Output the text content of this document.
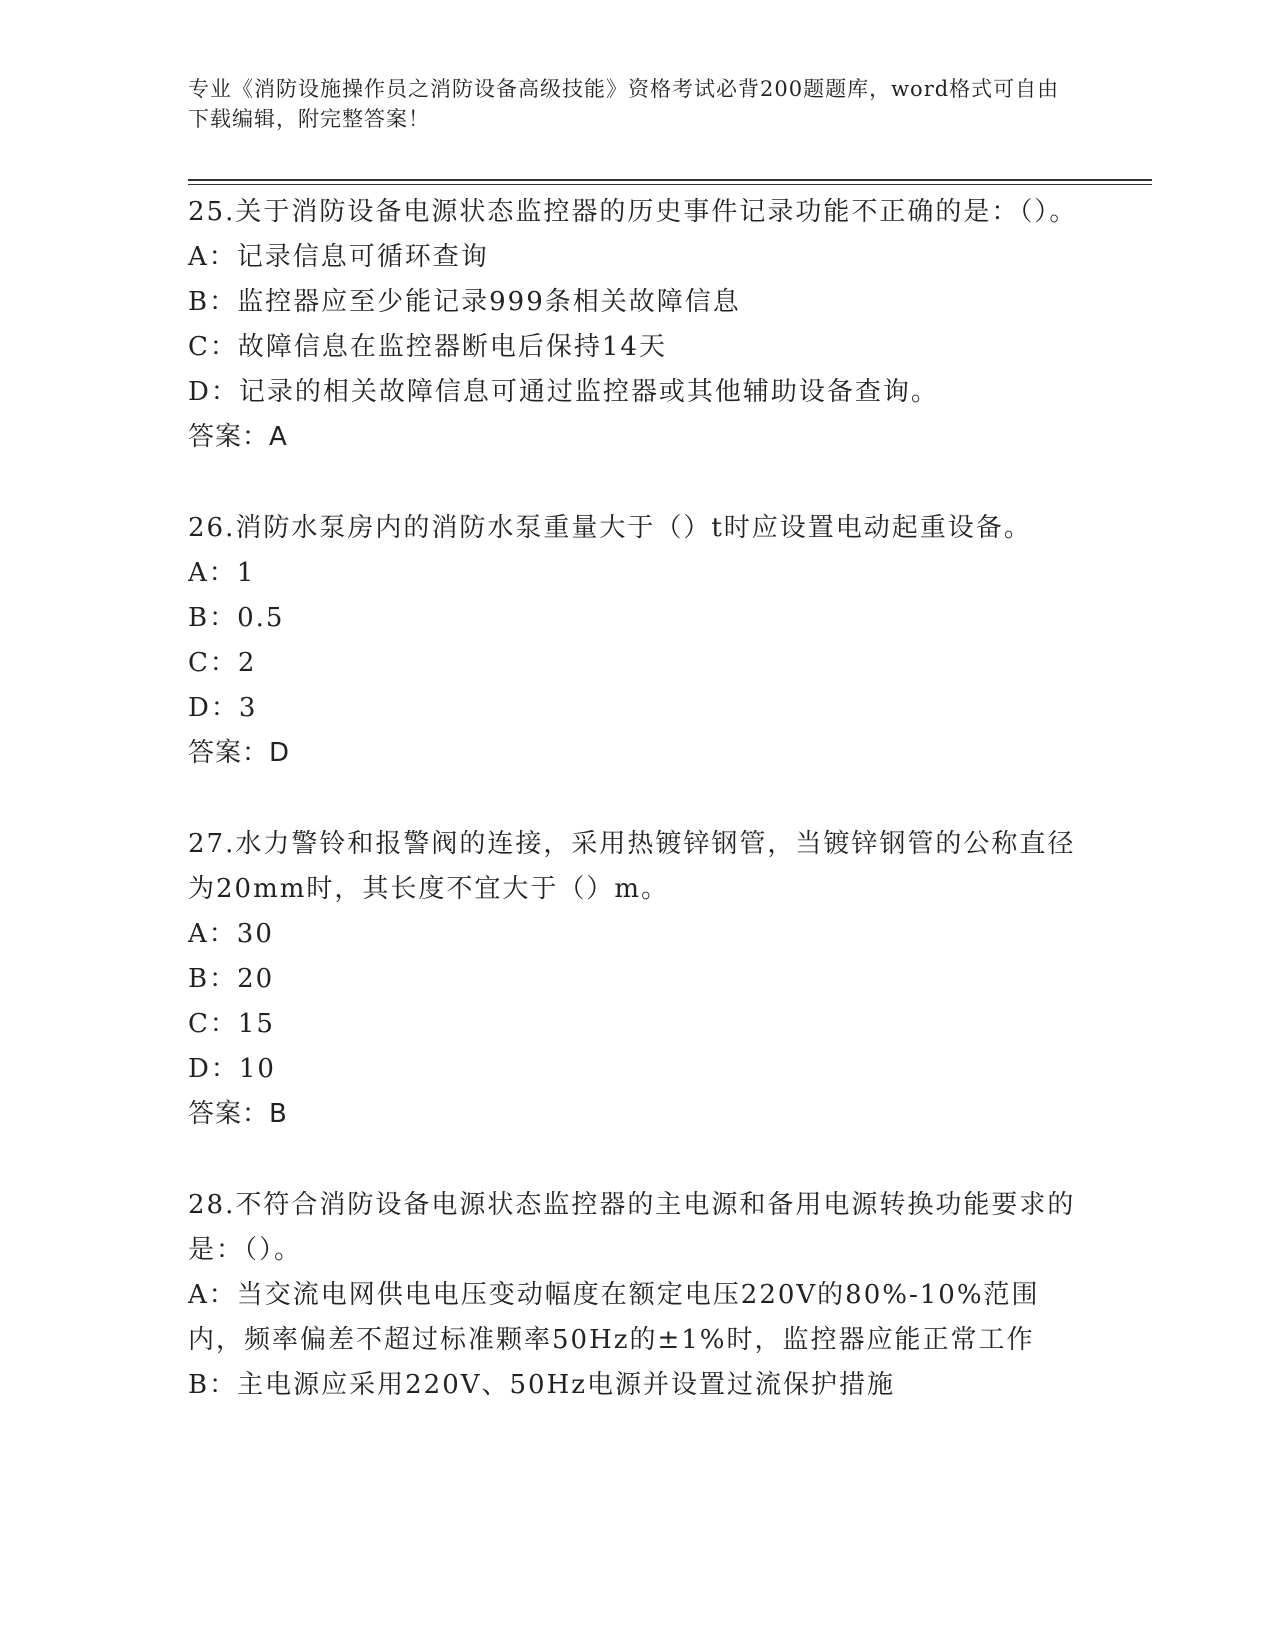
专业《消防设施操作员之消防设备高级技能》资格考试必背200题题库，word格式可自由下载编辑，附完整答案！

25.关于消防设备电源状态监控器的历史事件记录功能不正确的是：（）。

A：记录信息可循环查询

B：监控器应至少能记录999条相关故障信息

C：故障信息在监控器断电后保持14天

D：记录的相关故障信息可通过监控器或其他辅助设备查询。

答案：A

26.消防水泵房内的消防水泵重量大于（）t时应设置电动起重设备。

A：1

B：0.5

C：2

D：3

答案：D

27.水力警铃和报警阀的连接，采用热镀锌钢管，当镀锌钢管的公称直径为20mm时，其长度不宜大于（）m。

A：30

B：20

C：15

D：10

答案：B

28.不符合消防设备电源状态监控器的主电源和备用电源转换功能要求的是：（）。

A：当交流电网供电电压变动幅度在额定电压220V的80%-10%范围内，频率偏差不超过标准颗率50Hz的±1%时，监控器应能正常工作

B：主电源应采用220V、50Hz电源并设置过流保护措施
